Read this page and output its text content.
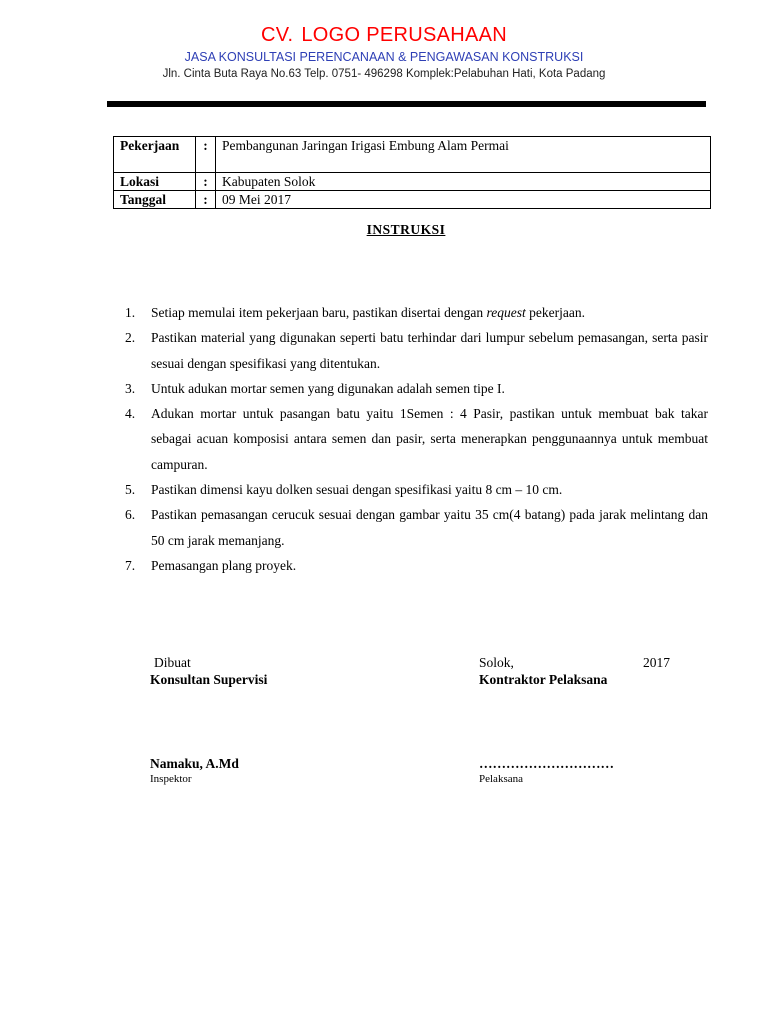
CV. LOGO PERUSAHAAN
JASA KONSULTASI PERENCANAAN & PENGAWASAN KONSTRUKSI
Jln. Cinta Buta Raya No.63 Telp. 0751- 496298 Komplek:Pelabuhan Hati, Kota Padang
Pekerjaan	:	Pembangunan Jaringan Irigasi Embung Alam Permai
Lokasi	:	Kabupaten Solok
Tanggal	:	09 Mei 2017
INSTRUKSI
1.	Setiap memulai item pekerjaan baru, pastikan disertai dengan request pekerjaan.
2.	Pastikan material yang digunakan seperti batu terhindar dari lumpur sebelum pemasangan, serta pasir sesuai dengan spesifikasi yang ditentukan.
3.	Untuk adukan mortar semen yang digunakan adalah semen tipe I.
4.	Adukan mortar untuk pasangan batu yaitu 1Semen : 4 Pasir, pastikan untuk membuat bak takar sebagai acuan komposisi antara semen dan pasir, serta menerapkan penggunaannya untuk membuat campuran.
5.	Pastikan dimensi kayu dolken sesuai dengan spesifikasi yaitu 8 cm – 10 cm.
6.	Pastikan pemasangan cerucuk sesuai dengan gambar yaitu 35 cm(4 batang) pada jarak melintang dan 50 cm jarak memanjang.
7.	Pemasangan plang proyek.
Dibuat
Konsultan Supervisi
Namaku, A.Md
Inspektor
Solok,	2017
Kontraktor Pelaksana
…………………………
Pelaksana
